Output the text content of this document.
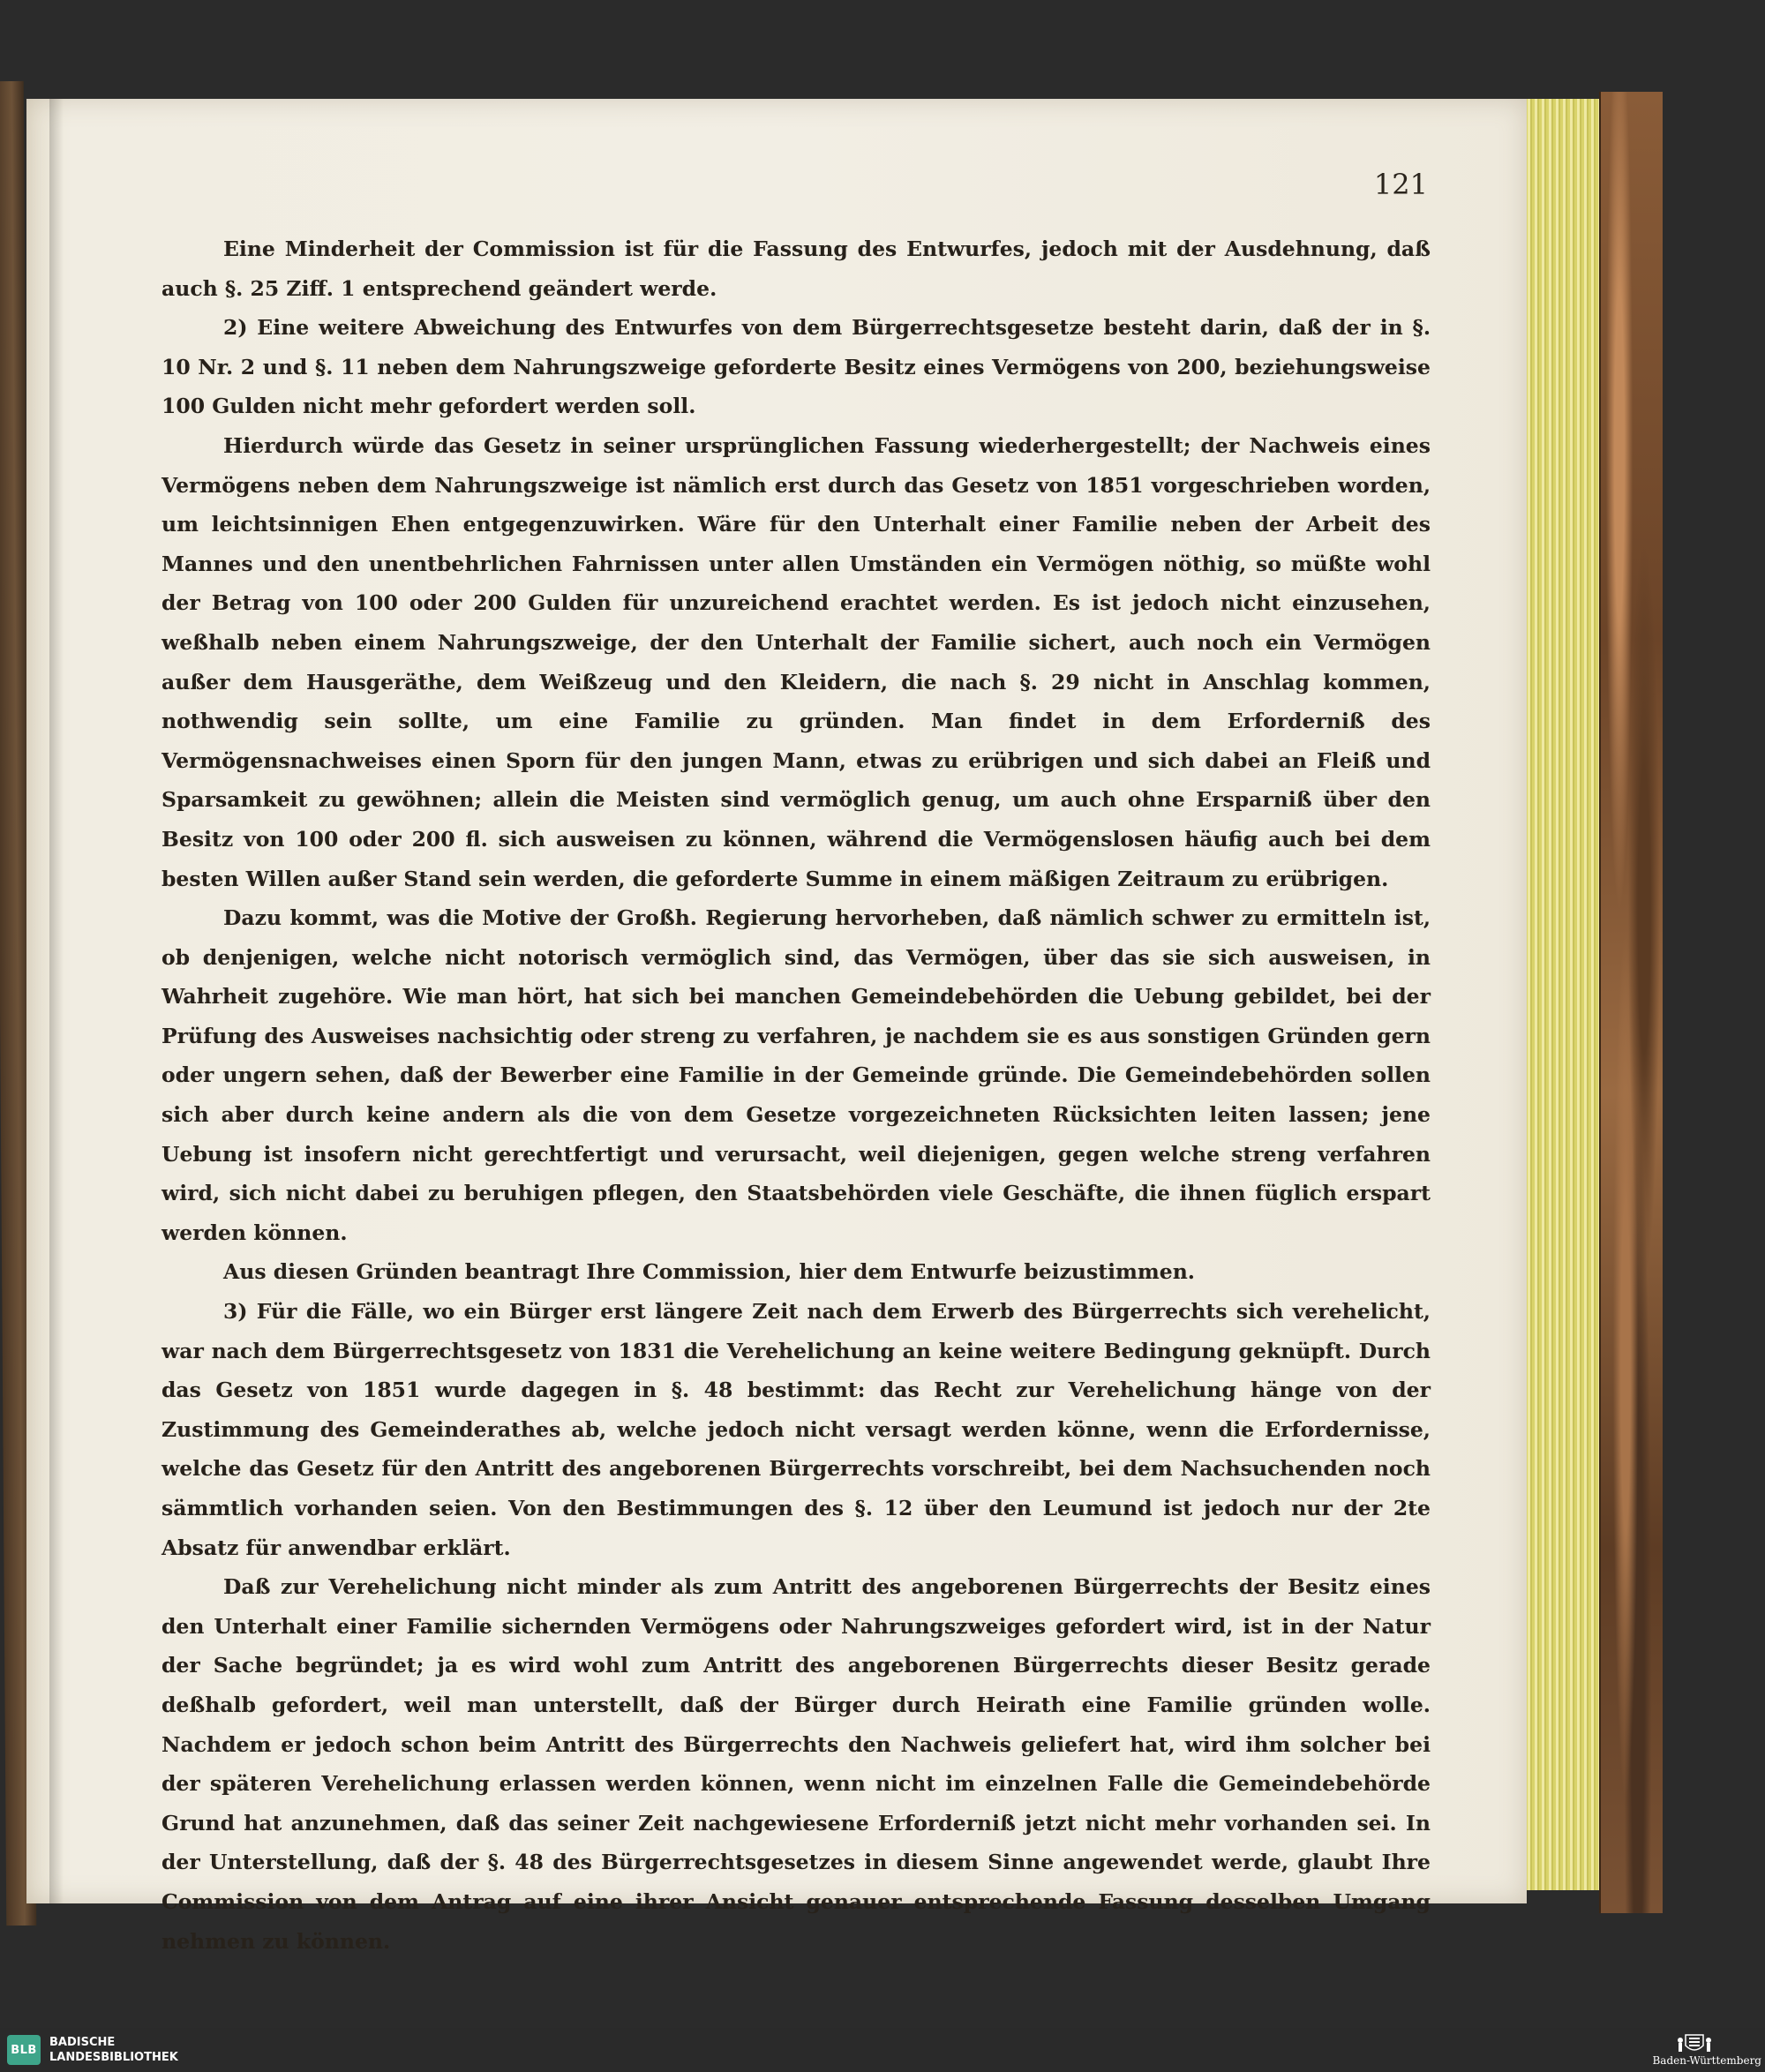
121

Eine Minderheit der Commission ist für die Fassung des Entwurfes, jedoch mit der Ausdehnung, daß auch §. 25 Ziff. 1 entsprechend geändert werde.

2) Eine weitere Abweichung des Entwurfes von dem Bürgerrechtsgesetze besteht darin, daß der in §. 10 Nr. 2 und §. 11 neben dem Nahrungszweige geforderte Besitz eines Vermögens von 200, beziehungsweise 100 Gulden nicht mehr gefordert werden soll.

Hierdurch würde das Gesetz in seiner ursprünglichen Fassung wiederhergestellt; der Nachweis eines Vermögens neben dem Nahrungszweige ist nämlich erst durch das Gesetz von 1851 vorgeschrieben worden, um leichtsinnigen Ehen entgegenzuwirken. Wäre für den Unterhalt einer Familie neben der Arbeit des Mannes und den unentbehrlichen Fahrnissen unter allen Umständen ein Vermögen nöthig, so müßte wohl der Betrag von 100 oder 200 Gulden für unzureichend erachtet werden. Es ist jedoch nicht einzusehen, weßhalb neben einem Nahrungszweige, der den Unterhalt der Familie sichert, auch noch ein Vermögen außer dem Hausgeräthe, dem Weißzeug und den Kleidern, die nach §. 29 nicht in Anschlag kommen, nothwendig sein sollte, um eine Familie zu gründen. Man findet in dem Erforderniß des Vermögensnachweises einen Sporn für den jungen Mann, etwas zu erübrigen und sich dabei an Fleiß und Sparsamkeit zu gewöhnen; allein die Meisten sind vermöglich genug, um auch ohne Ersparniß über den Besitz von 100 oder 200 fl. sich ausweisen zu können, während die Vermögenslosen häufig auch bei dem besten Willen außer Stand sein werden, die geforderte Summe in einem mäßigen Zeitraum zu erübrigen.

Dazu kommt, was die Motive der Großh. Regierung hervorheben, daß nämlich schwer zu ermitteln ist, ob denjenigen, welche nicht notorisch vermöglich sind, das Vermögen, über das sie sich ausweisen, in Wahrheit zugehöre. Wie man hört, hat sich bei manchen Gemeindebehörden die Uebung gebildet, bei der Prüfung des Ausweises nachsichtig oder streng zu verfahren, je nachdem sie es aus sonstigen Gründen gern oder ungern sehen, daß der Bewerber eine Familie in der Gemeinde gründe. Die Gemeindebehörden sollen sich aber durch keine andern als die von dem Gesetze vorgezeichneten Rücksichten leiten lassen; jene Uebung ist insofern nicht gerechtfertigt und verursacht, weil diejenigen, gegen welche streng verfahren wird, sich nicht dabei zu beruhigen pflegen, den Staatsbehörden viele Geschäfte, die ihnen füglich erspart werden können.

Aus diesen Gründen beantragt Ihre Commission, hier dem Entwurfe beizustimmen.

3) Für die Fälle, wo ein Bürger erst längere Zeit nach dem Erwerb des Bürgerrechts sich verehelicht, war nach dem Bürgerrechtsgesetz von 1831 die Verehelichung an keine weitere Bedingung geknüpft. Durch das Gesetz von 1851 wurde dagegen in §. 48 bestimmt: das Recht zur Verehelichung hänge von der Zustimmung des Gemeinderathes ab, welche jedoch nicht versagt werden könne, wenn die Erfordernisse, welche das Gesetz für den Antritt des angeborenen Bürgerrechts vorschreibt, bei dem Nachsuchenden noch sämmtlich vorhanden seien. Von den Bestimmungen des §. 12 über den Leumund ist jedoch nur der 2te Absatz für anwendbar erklärt.

Daß zur Verehelichung nicht minder als zum Antritt des angeborenen Bürgerrechts der Besitz eines den Unterhalt einer Familie sichernden Vermögens oder Nahrungszweiges gefordert wird, ist in der Natur der Sache begründet; ja es wird wohl zum Antritt des angeborenen Bürgerrechts dieser Besitz gerade deßhalb gefordert, weil man unterstellt, daß der Bürger durch Heirath eine Familie gründen wolle. Nachdem er jedoch schon beim Antritt des Bürgerrechts den Nachweis geliefert hat, wird ihm solcher bei der späteren Verehelichung erlassen werden können, wenn nicht im einzelnen Falle die Gemeindebehörde Grund hat anzunehmen, daß das seiner Zeit nachgewiesene Erforderniß jetzt nicht mehr vorhanden sei. In der Unterstellung, daß der §. 48 des Bürgerrechtsgesetzes in diesem Sinne angewendet werde, glaubt Ihre Commission von dem Antrag auf eine ihrer Ansicht genauer entsprechende Fassung desselben Umgang nehmen zu können.

BLB
BADISCHE
LANDESBIBLIOTHEK	Baden-Württemberg
